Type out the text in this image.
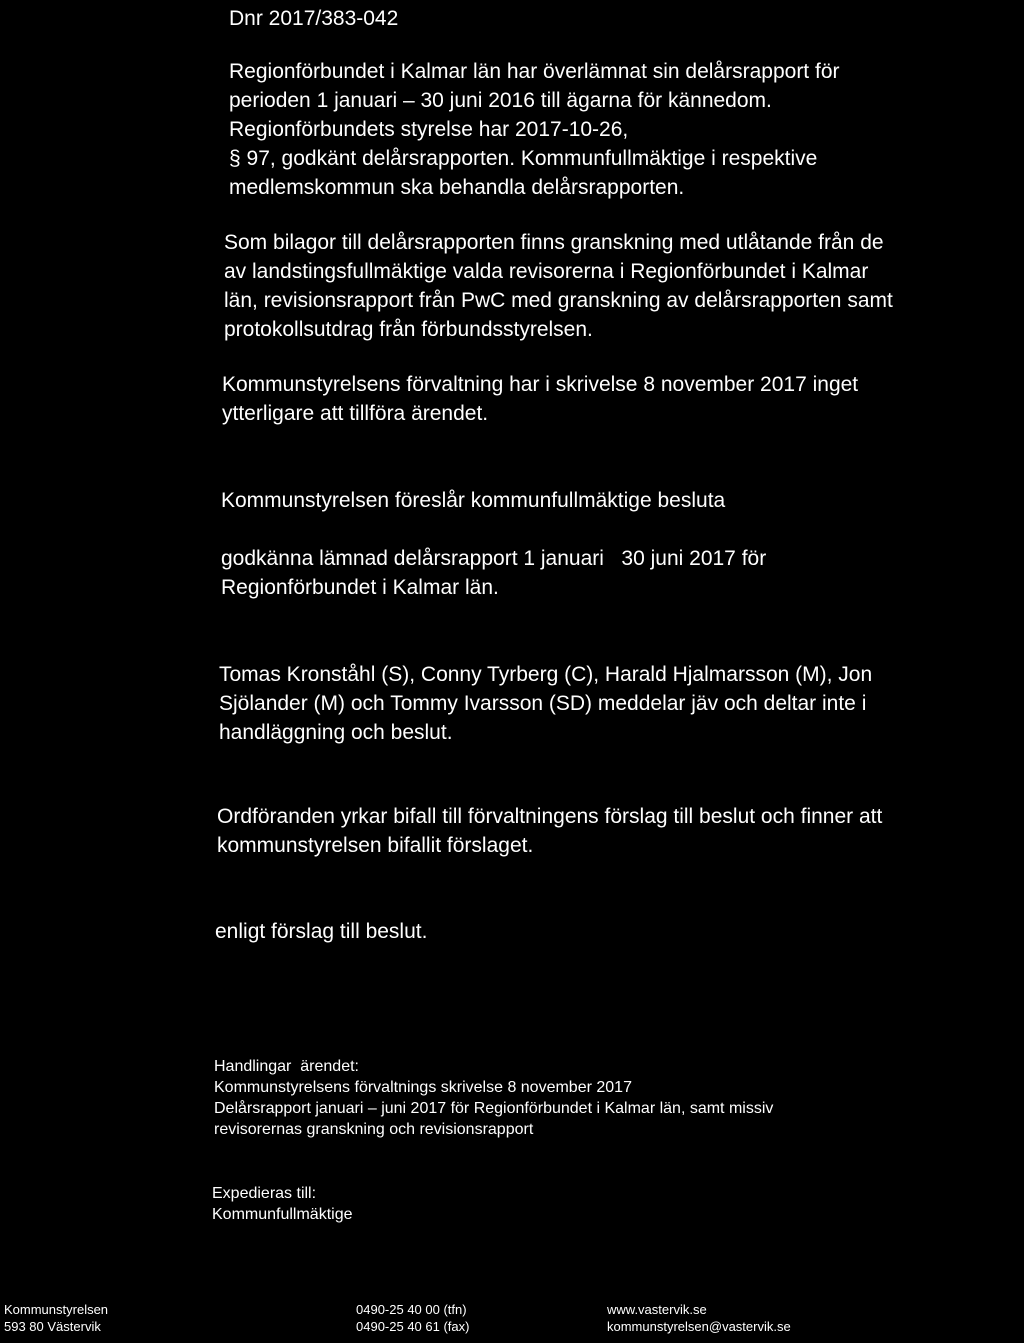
Dnr 2017/383-042
Regionförbundet i Kalmar län har överlämnat sin delårsrapport för
perioden 1 januari – 30 juni 2016 till ägarna för kännedom.
Regionförbundets styrelse har 2017-10-26,
§ 97, godkänt delårsrapporten. Kommunfullmäktige i respektive
medlemskommun ska behandla delårsrapporten.
Som bilagor till delårsrapporten finns granskning med utlåtande från de
av landstingsfullmäktige valda revisorerna i Regionförbundet i Kalmar
län, revisionsrapport från PwC med granskning av delårsrapporten samt
protokollsutdrag från förbundsstyrelsen.
Kommunstyrelsens förvaltning har i skrivelse 8 november 2017 inget
ytterligare att tillföra ärendet.
Kommunstyrelsen föreslår kommunfullmäktige besluta
godkänna lämnad delårsrapport 1 januari   30 juni 2017 för
Regionförbundet i Kalmar län.
Tomas Kronståhl (S), Conny Tyrberg (C), Harald Hjalmarsson (M), Jon
Sjölander (M) och Tommy Ivarsson (SD) meddelar jäv och deltar inte i
handläggning och beslut.
Ordföranden yrkar bifall till förvaltningens förslag till beslut och finner att
kommunstyrelsen bifallit förslaget.
enligt förslag till beslut.
Handlingar  ärendet:
Kommunstyrelsens förvaltnings skrivelse 8 november 2017
Delårsrapport januari – juni 2017 för Regionförbundet i Kalmar län, samt missiv
revisorernas granskning och revisionsrapport
Expedieras till:
Kommunfullmäktige
Kommunstyrelsen
593 80 Västervik
0490-25 40 00 (tfn)
0490-25 40 61 (fax)
www.vastervik.se
kommunstyrelsen@vastervik.se
